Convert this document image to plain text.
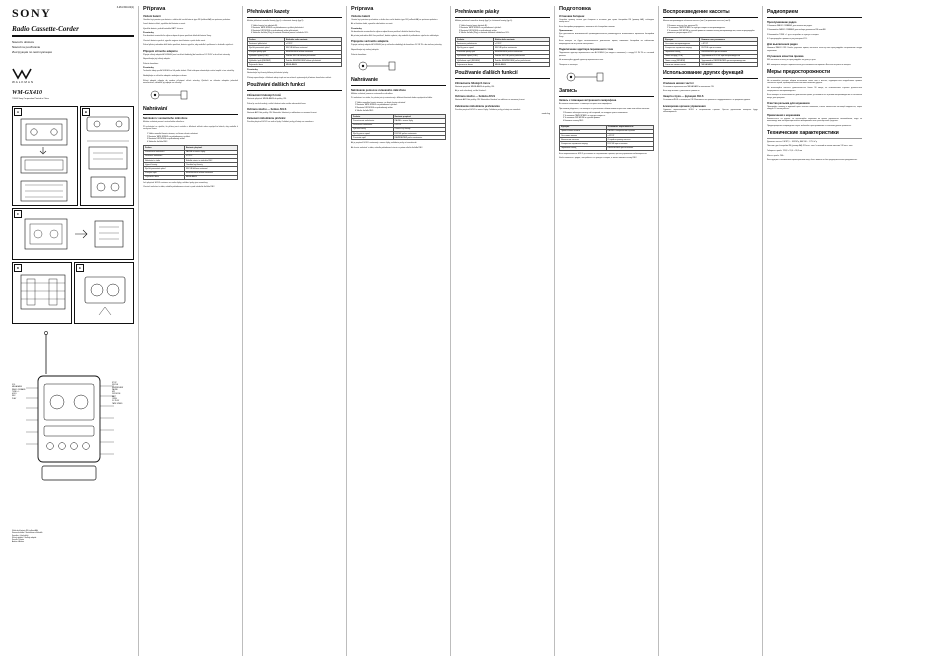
SONY	3-261-540-02(1)
Radio Cassette-Corder
Návod k obsluze
Návod na používanie
Инструкция по эксплуатации
WALKMAN
WM-GX410
©2004 Sony Corporation Printed in China
A	B
C
D	E
VOL
MEGA BASS
RADIO ON/BAND
TUNE +/–
HOLD
REC
PLAY
STOP
FF/CUE
REW/REVIEW
PAUSE
MIC
DIR MODE
BATT
OPEN
DC IN 3V
TAPE SPEED
Vložte dvě baterie R6 (velikost AA)
Stereosluchátka / Stereofónne slúchadlá
Konektor i (sluchátka)
Síťový adaptér / Sieťový adaptér
Kazeta / Kazeta
Anténa / Anténa
Příprava
Vložení baterií

Otevřete kryt prostoru pro baterie a vložte dvě suché baterie typu R6 (velikost AA) se správnou polaritou.

Jsou-li baterie slabé, vyměňte obě baterie za nové.

Vyměňte baterie, pokud kontrolka BATT zhasne.

Poznámky

Pro dosažení maximálního výkonu doporučujeme používat alkalické baterie Sony.

Chcete-li baterie vyměnit, vyjměte nejprve staré baterie a poté vložte nové.

Pokud přístroj nebudete delší dobu používat, baterie vyjměte, aby nedošlo k poškození v důsledku vytečení.

Připojení síťového adaptéru

Připojte síťový adaptér AC-E30HG (není součástí dodávky) do konektoru DC IN 3V a do síťové zásuvky.

Nepoužívejte jiný síťový adaptér.

Polarita konektoru.

Poznámky

Technické údaje pro AC-E30HG se liší podle oblasti. Před nákupem zkontrolujte místní napětí a tvar zástrčky.

Nedotýkejte se síťového adaptéru mokrýma rukama.

Síťový adaptér připojte do snadno přístupné síťové zásuvky. Zjistíte-li na síťovém adaptéru jakoukoli nesrovnalost, okamžitě jej odpojte ze zásuvky.

Nahrávání
Nahrávání z vestavěného mikrofonu

Můžete nahrávat pomocí vestavěného mikrofonu.

Při nahrávání se ujistěte, že přístroj není umístěn v blízkosti zářivek nebo napájecího kabelu, aby nedošlo k zachycení šumu.

1 Vložte normální kazetu stranou, na kterou chcete nahrávat.
2 Nastavte TAPE SPEED na požadovanou rychlost.
3 Nastavte DIR MODE na požadovaný režim.
4 Stiskněte tlačítko REC.
Funkce	Nastavte přepínač
Pozastavení nahrávání	PAUSE ve směru šipky
Zastavení nahrávání	x STOP
Nahrávání z rádia	Nalaďte stanici a stiskněte REC
Vyjmutí kazety	Otevřete kryt kazety
Rychlé posouvání vpřed	FF/CUE během zastavení
Převíjení zpět	REW/REVIEW během zastavení
Zvýraznění basů	MEGA BASS

Je-li přepínač HOLD nastaven ve směru šipky, ovládací prvky jsou uzamčeny.

Chcete-li nahrávat z rádia, nalaďte požadovanou stanici a poté stiskněte tlačítko REC.

Přehrávání kazety

Můžete přehrávat normální kazety (typ I) a chromové kazety (typ II).

1 Vložte kazetu (viz obrázek B).
2 Nastavte TAPE SPEED na požadovanou rychlost přehrávání.
3 Nastavte DIR MODE na požadovaný režim přehrávání.
4 Stiskněte tlačítko (Play) a nastavte hlasitost pomocí ovladače VOL.
Funkce	Stiskněte nebo nastavte
Zastavení přehrávání	x STOP
Rychlé posouvání vpřed	FF/CUE během zastavení
Převíjení pásky zpět	REW/REVIEW během zastavení
Vyhledání vpřed (CUE)	Podržte FF/CUE během přehrávání
Vyhledání zpět (REVIEW)	Podržte REW/REVIEW během přehrávání
Zvýraznění basů	MEGA BASS
Poznámky

Neotevírejte kryt kazety během přehrávání pásky.

Přístroj nepoužívejte v blízkosti zdrojů tepla ani na místech vystavených přímému slunečnímu záření.

Používání dalších funkcí
Zdůraznění hlubokých tónů

Nastavte přepínač MEGA BASS do polohy ON.

Pokud je zvuk zkreslený, snižte hlasitost nebo zrušte zdůraznění basů.

Ochrana sluchu — funkce AVLS

Nastavte AVLS do polohy ON. Maximální hlasitost je udržována na rozumné úrovni.

Zamezení náhodnému přehrání

Posuňte přepínač HOLD ve směru šipky. Ovládací prvky přístroje se uzamknou.

Príprava
Vloženie batérií

Otvorte kryt priestoru pre batérie a vložte dve suché batérie typu R6 (veľkosť AA) so správnou polaritou.

Ak sú batérie slabé, vymeňte obe batérie za nové.

Poznámky

Na dosiahnutie maximálneho výkonu odporúčame používať alkalické batérie Sony.

Ak prístroj nebudete dlhší čas používať, batérie vyberte, aby nedošlo k poškodeniu vytečením elektrolytu.

Pripojenie sieťového adaptéra

Pripojte sieťový adaptér AC-E30HG (nie je súčasťou dodávky) do konektora DC IN 3V a do sieťovej zásuvky.

Nepoužívajte iný sieťový adaptér.

Polarita konektora.

Nahrávanie
Nahrávanie pomocou vstavaného mikrofónu

Môžete nahrávať pomocou vstavaného mikrofónu.

Pri nahrávaní sa uistite, že prístroj nie je umiestnený v blízkosti žiariviek alebo napájacieho kábla.

1 Vložte normálnu kazetu stranou, na ktorú chcete nahrávať.
2 Nastavte TAPE SPEED na požadovanú rýchlosť.
3 Nastavte DIR MODE na požadovaný režim.
4 Stlačte tlačidlo REC.
Funkcia	Nastavte prepínač
Pozastavenie nahrávania	PAUSE v smere šípky
Zastavenie nahrávania	x STOP
Vybratie kazety	Otvorte kryt kazety
Rýchly posun vpred	FF/CUE počas zastavenia
Previnutie späť	REW/REVIEW počas zastavenia

Ak je prepínač HOLD nastavený v smere šípky, ovládacie prvky sú uzamknuté.

Ak chcete nahrávať z rádia, nalaďte požadovanú stanicu a potom stlačte tlačidlo REC.

Prehrávanie pásky

Môžete prehrávať normálne kazety (typ I) a chrómové kazety (typ II).

1 Vložte kazetu (pozri obrázok B).
2 Nastavte TAPE SPEED na požadovanú rýchlosť.
3 Nastavte DIR MODE na požadovaný režim.
4 Stlačte tlačidlo (Play) a nastavte hlasitosť ovládačom VOL.
Funkcia	Stlačte alebo nastavte
Zastavenie prehrávania	x STOP
Rýchly posun vpred	FF/CUE počas zastavenia
Previnutie pásky späť	REW/REVIEW počas zastavenia
Vyhľadanie vpred (CUE)	Podržte FF/CUE počas prehrávania
Vyhľadanie späť (REVIEW)	Podržte REW/REVIEW počas prehrávania
Zvýraznenie basov	MEGA BASS
Používanie ďalších funkcií
Zdôraznenie hlbokých tónov

Nastavte prepínač MEGA BASS do polohy ON.

Ak je zvuk skreslený, znížte hlasitosť.

Ochrana sluchu — funkcia AVLS

Nastavte AVLS do polohy ON. Maximálna hlasitosť sa udržiava na rozumnej úrovni.

Zabránenie náhodnému prehrávaniu

Posuňte prepínač HOLD v smere šípky. Ovládacie prvky prístroja sa uzamknú.

mode:log
Подготовка
Установка батареек

Откройте крышку отсека для батареек и вставьте две сухие батарейки R6 (размер AA), соблюдая полярность.

Если батарейки разрядились, замените обе батарейки новыми.

Примечания

Для достижения максимальной производительности рекомендуется использовать щелочные батарейки Sony.

Если аппарат не будет использоваться длительное время, извлеките батарейки во избежание повреждения из-за утечки электролита.

Подключение адаптера переменного тока

Подключите адаптер переменного тока AC-E30HG (не входит в комплект) к гнезду DC IN 3V и к сетевой розетке.

Не используйте другой адаптер переменного тока.

Полярность штекера.

Запись
Запись с помощью встроенного микрофона

Вы можете записывать с помощью встроенного микрофона.

При записи убедитесь, что аппарат не расположен вблизи люминесцентных ламп или кабеля питания.

1 Вставьте обычную кассету той стороной, на которую нужно записывать.
2 Установите TAPE SPEED на нужную скорость.
3 Установите DIR MODE в нужный режим.
4 Нажмите кнопку REC.
Функция	Установите переключатель
Приостановка записи	PAUSE в направлении стрелки
Остановка записи	x STOP
Извлечение кассеты	Откройте крышку кассеты
Ускоренная перемотка вперед	FF/CUE при остановке
Перемотка назад	REW/REVIEW при остановке

Если переключатель HOLD установлен в направлении стрелки, органы управления заблокированы.

Чтобы записать с радио, настройтесь на нужную станцию, а затем нажмите кнопку REC.

Воспроизведение кассеты

Можно воспроизводить обычные кассеты (тип I) и хромовые кассеты (тип II).

1 Вставьте кассету (см. рисунок B).
2 Установите TAPE SPEED на нужную скорость воспроизведения.
3 Установите DIR MODE в нужный режим и нажмите кнопку воспроизведения, затем отрегулируйте громкость регулятором VOL.
Функция	Нажмите или установите
Остановка воспроизведения	x STOP
Ускоренная перемотка вперед	FF/CUE при остановке
Перемотка назад	REW/REVIEW при остановке
Поиск вперед (CUE)	Удерживайте FF/CUE при воспроизведении
Поиск назад (REVIEW)	Удерживайте REW/REVIEW при воспроизведении
Усиление низких частот	MEGA BASS
Использование других функций
Усиление низких частот

Установите переключатель MEGA BASS в положение ON.

Если звук искажен, уменьшите громкость.

Защита слуха — функция AVLS

Установите AVLS в положение ON. Максимальная громкость поддерживается на разумном уровне.

Блокировка органов управления

Сдвиньте переключатель HOLD в направлении стрелки. Органы управления аппарата будут заблокированы.

Радиоприем
Прослушивание радио

1 Нажмите RADIO ON/BAND для включения радио.

2 Нажимайте RADIO ON/BAND для выбора диапазона FM или AM.

3 Нажимайте TUNE +/– для настройки на нужную станцию.

4 Отрегулируйте громкость регулятором VOL.

Для выключения радио

Нажмите RADIO OFF. Чтобы улучшить прием, вытяните антенну или отрегулируйте направление шнура наушников.

Улучшение качества приема

FM: вытяните антенну и отрегулируйте ее длину и угол.

AM: поверните аппарат горизонтально для оптимального приема. Антенна встроена в аппарат.

Меры предосторожности

Не оставляйте аппарат вблизи источников тепла или в местах, подверженных воздействию прямых солнечных лучей, чрезмерной пыли или механических ударов.

Не используйте кассеты длительностью более 90 минут, за исключением случаев длительного непрерывного воспроизведения.

Если аппарат не использовался длительное время, установите его в режим воспроизведения на несколько минут для прогрева.

Очистка разъема для наушников

Протирайте головку и звуковой тракт ватным тампоном, слегка смоченным чистящей жидкостью, через каждые 10 часов работы.

Примечания к наушникам

Безопасность на дороге: не используйте наушники во время управления автомобилем, езды на велосипеде или эксплуатации любого моторизованного транспортного средства.

Предотвращение повреждения слуха: избегайте прослушивания на высоком уровне громкости.

Технические характеристики

Диапазон частот: FM 87,5 – 108 МГц, AM 530 – 1 710 кГц

Питание: две батарейки R6 (размер AA) 3 В пост. тока / внешний источник питания 3 В пост. тока

Габариты: прибл. 113,8 × 91,4 × 36,5 мм

Масса: прибл. 206 г

Конструкция и технические характеристики могут быть изменены без предварительного уведомления.
